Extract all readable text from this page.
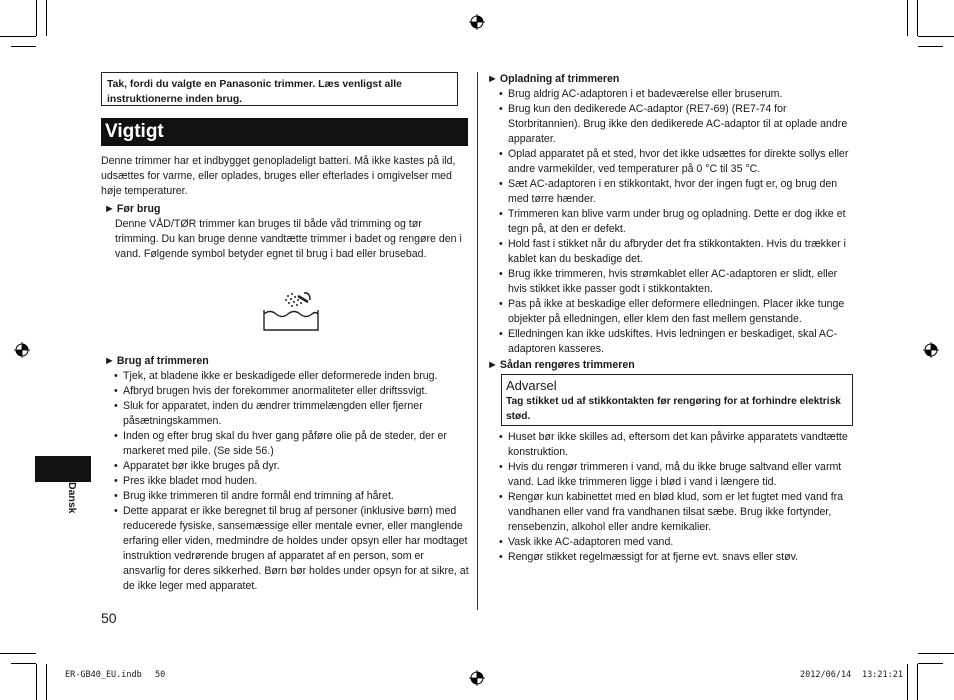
Tak, fordi du valgte en Panasonic trimmer. Læs venligst alle instruktionerne inden brug.
Vigtigt
Denne trimmer har et indbygget genopladeligt batteri. Må ikke kastes på ild, udsættes for varme, eller oplades, bruges eller efterlades i omgivelser med høje temperaturer.
► Før brug
Denne VÅD/TØR trimmer kan bruges til både våd trimming og tør trimming. Du kan bruge denne vandtætte trimmer i badet og rengøre den i vand. Følgende symbol betyder egnet til brug i bad eller brusebad.
► Brug af trimmeren
• Tjek, at bladene ikke er beskadigede eller deformerede inden brug.
• Afbryd brugen hvis der forekommer anormaliteter eller driftssvigt.
• Sluk for apparatet, inden du ændrer trimmelængden eller fjerner påsætningskammen.
• Inden og efter brug skal du hver gang påføre olie på de steder, der er markeret med pile. (Se side 56.)
• Apparatet bør ikke bruges på dyr.
• Pres ikke bladet mod huden.
• Brug ikke trimmeren til andre formål end trimning af håret.
• Dette apparat er ikke beregnet til brug af personer (inklusive børn) med reducerede fysiske, sansemæssige eller mentale evner, eller manglende erfaring eller viden, medmindre de holdes under opsyn eller har modtaget instruktion vedrørende brugen af apparatet af en person, som er ansvarlig for deres sikkerhed. Børn bør holdes under opsyn for at sikre, at de ikke leger med apparatet.
Dansk
50
► Opladning af trimmeren
• Brug aldrig AC-adaptoren i et badeværelse eller bruserum.
• Brug kun den dedikerede AC-adaptor (RE7-69) (RE7-74 for Storbritannien). Brug ikke den dedikerede AC-adaptor til at oplade andre apparater.
• Oplad apparatet på et sted, hvor det ikke udsættes for direkte sollys eller andre varmekilder, ved temperaturer på 0 °C til 35 °C.
• Sæt AC-adaptoren i en stikkontakt, hvor der ingen fugt er, og brug den med tørre hænder.
• Trimmeren kan blive varm under brug og opladning. Dette er dog ikke et tegn på, at den er defekt.
• Hold fast i stikket når du afbryder det fra stikkontakten. Hvis du trækker i kablet kan du beskadige det.
• Brug ikke trimmeren, hvis strømkablet eller AC-adaptoren er slidt, eller hvis stikket ikke passer godt i stikkontakten.
• Pas på ikke at beskadige eller deformere elledningen. Placer ikke tunge objekter på elledningen, eller klem den fast mellem genstande.
• Elledningen kan ikke udskiftes. Hvis ledningen er beskadiget, skal AC-adaptoren kasseres.
► Sådan rengøres trimmeren
Advarsel
Tag stikket ud af stikkontakten før rengøring for at forhindre elektrisk stød.
• Huset bør ikke skilles ad, eftersom det kan påvirke apparatets vandtætte konstruktion.
• Hvis du rengør trimmeren i vand, må du ikke bruge saltvand eller varmt vand. Lad ikke trimmeren ligge i blød i vand i længere tid.
• Rengør kun kabinettet med en blød klud, som er let fugtet med vand fra vandhanen eller vand fra vandhanen tilsat sæbe. Brug ikke fortynder, rensebenzin, alkohol eller andre kemikalier.
• Vask ikke AC-adaptoren med vand.
• Rengør stikket regelmæssigt for at fjerne evt. snavs eller støv.
ER-GB40_EU.indb 50	2012/06/14 13:21:21
